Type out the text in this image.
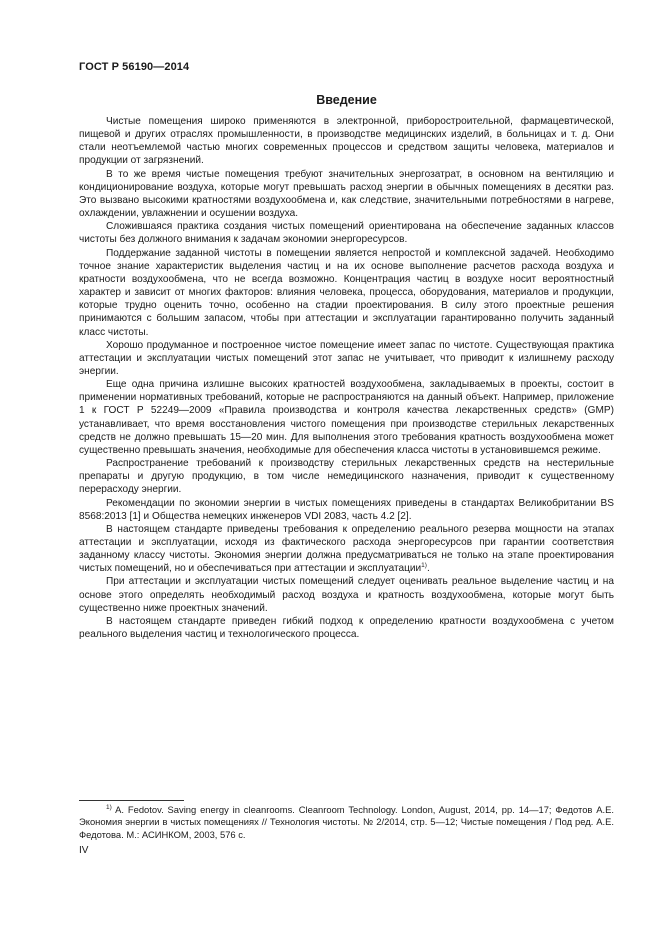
ГОСТ Р 56190—2014
Введение

Чистые помещения широко применяются в электронной, приборостроительной, фармацевтической, пищевой и других отраслях промышленности, в производстве медицинских изделий, в больницах и т. д. Они стали неотъемлемой частью многих современных процессов и средством защиты человека, материалов и продукции от загрязнений.

В то же время чистые помещения требуют значительных энергозатрат, в основном на вентиляцию и кондиционирование воздуха, которые могут превышать расход энергии в обычных помещениях в десятки раз. Это вызвано высокими кратностями воздухообмена и, как следствие, значительными потребностями в нагреве, охлаждении, увлажнении и осушении воздуха.

Сложившаяся практика создания чистых помещений ориентирована на обеспечение заданных классов чистоты без должного внимания к задачам экономии энергоресурсов.

Поддержание заданной чистоты в помещении является непростой и комплексной задачей. Необходимо точное знание характеристик выделения частиц и на их основе выполнение расчетов расхода воздуха и кратности воздухообмена, что не всегда возможно. Концентрация частиц в воздухе носит вероятностный характер и зависит от многих факторов: влияния человека, процесса, оборудования, материалов и продукции, которые трудно оценить точно, особенно на стадии проектирования. В силу этого проектные решения принимаются с большим запасом, чтобы при аттестации и эксплуатации гарантированно получить заданный класс чистоты.

Хорошо продуманное и построенное чистое помещение имеет запас по чистоте. Существующая практика аттестации и эксплуатации чистых помещений этот запас не учитывает, что приводит к излишнему расходу энергии.

Еще одна причина излишне высоких кратностей воздухообмена, закладываемых в проекты, состоит в применении нормативных требований, которые не распространяются на данный объект. Например, приложение 1 к ГОСТ Р 52249—2009 «Правила производства и контроля качества лекарственных средств» (GMP) устанавливает, что время восстановления чистого помещения при производстве стерильных лекарственных средств не должно превышать 15—20 мин. Для выполнения этого требования кратность воздухообмена может существенно превышать значения, необходимые для обеспечения класса чистоты в установившемся режиме.

Распространение требований к производству стерильных лекарственных средств на нестерильные препараты и другую продукцию, в том числе немедицинского назначения, приводит к существенному перерасходу энергии.

Рекомендации по экономии энергии в чистых помещениях приведены в стандартах Великобритании BS 8568:2013 [1] и Общества немецких инженеров VDI 2083, часть 4.2 [2].

В настоящем стандарте приведены требования к определению реального резерва мощности на этапах аттестации и эксплуатации, исходя из фактического расхода энергоресурсов при гарантии соответствия заданному классу чистоты. Экономия энергии должна предусматриваться не только на этапе проектирования чистых помещений, но и обеспечиваться при аттестации и эксплуатации$^{1)}$.

При аттестации и эксплуатации чистых помещений следует оценивать реальное выделение частиц и на основе этого определять необходимый расход воздуха и кратность воздухообмена, которые могут быть существенно ниже проектных значений.

В настоящем стандарте приведен гибкий подход к определению кратности воздухообмена с учетом реального выделения частиц и технологического процесса.

$^{1)}$ A. Fedotov. Saving energy in cleanrooms. Cleanroom Technology. London, August, 2014, pp. 14—17; Федотов А.Е. Экономия энергии в чистых помещениях // Технология чистоты. № 2/2014, стр. 5—12; Чистые помещения / Под ред. А.Е. Федотова. М.: АСИНКОМ, 2003, 576 с.

IV
